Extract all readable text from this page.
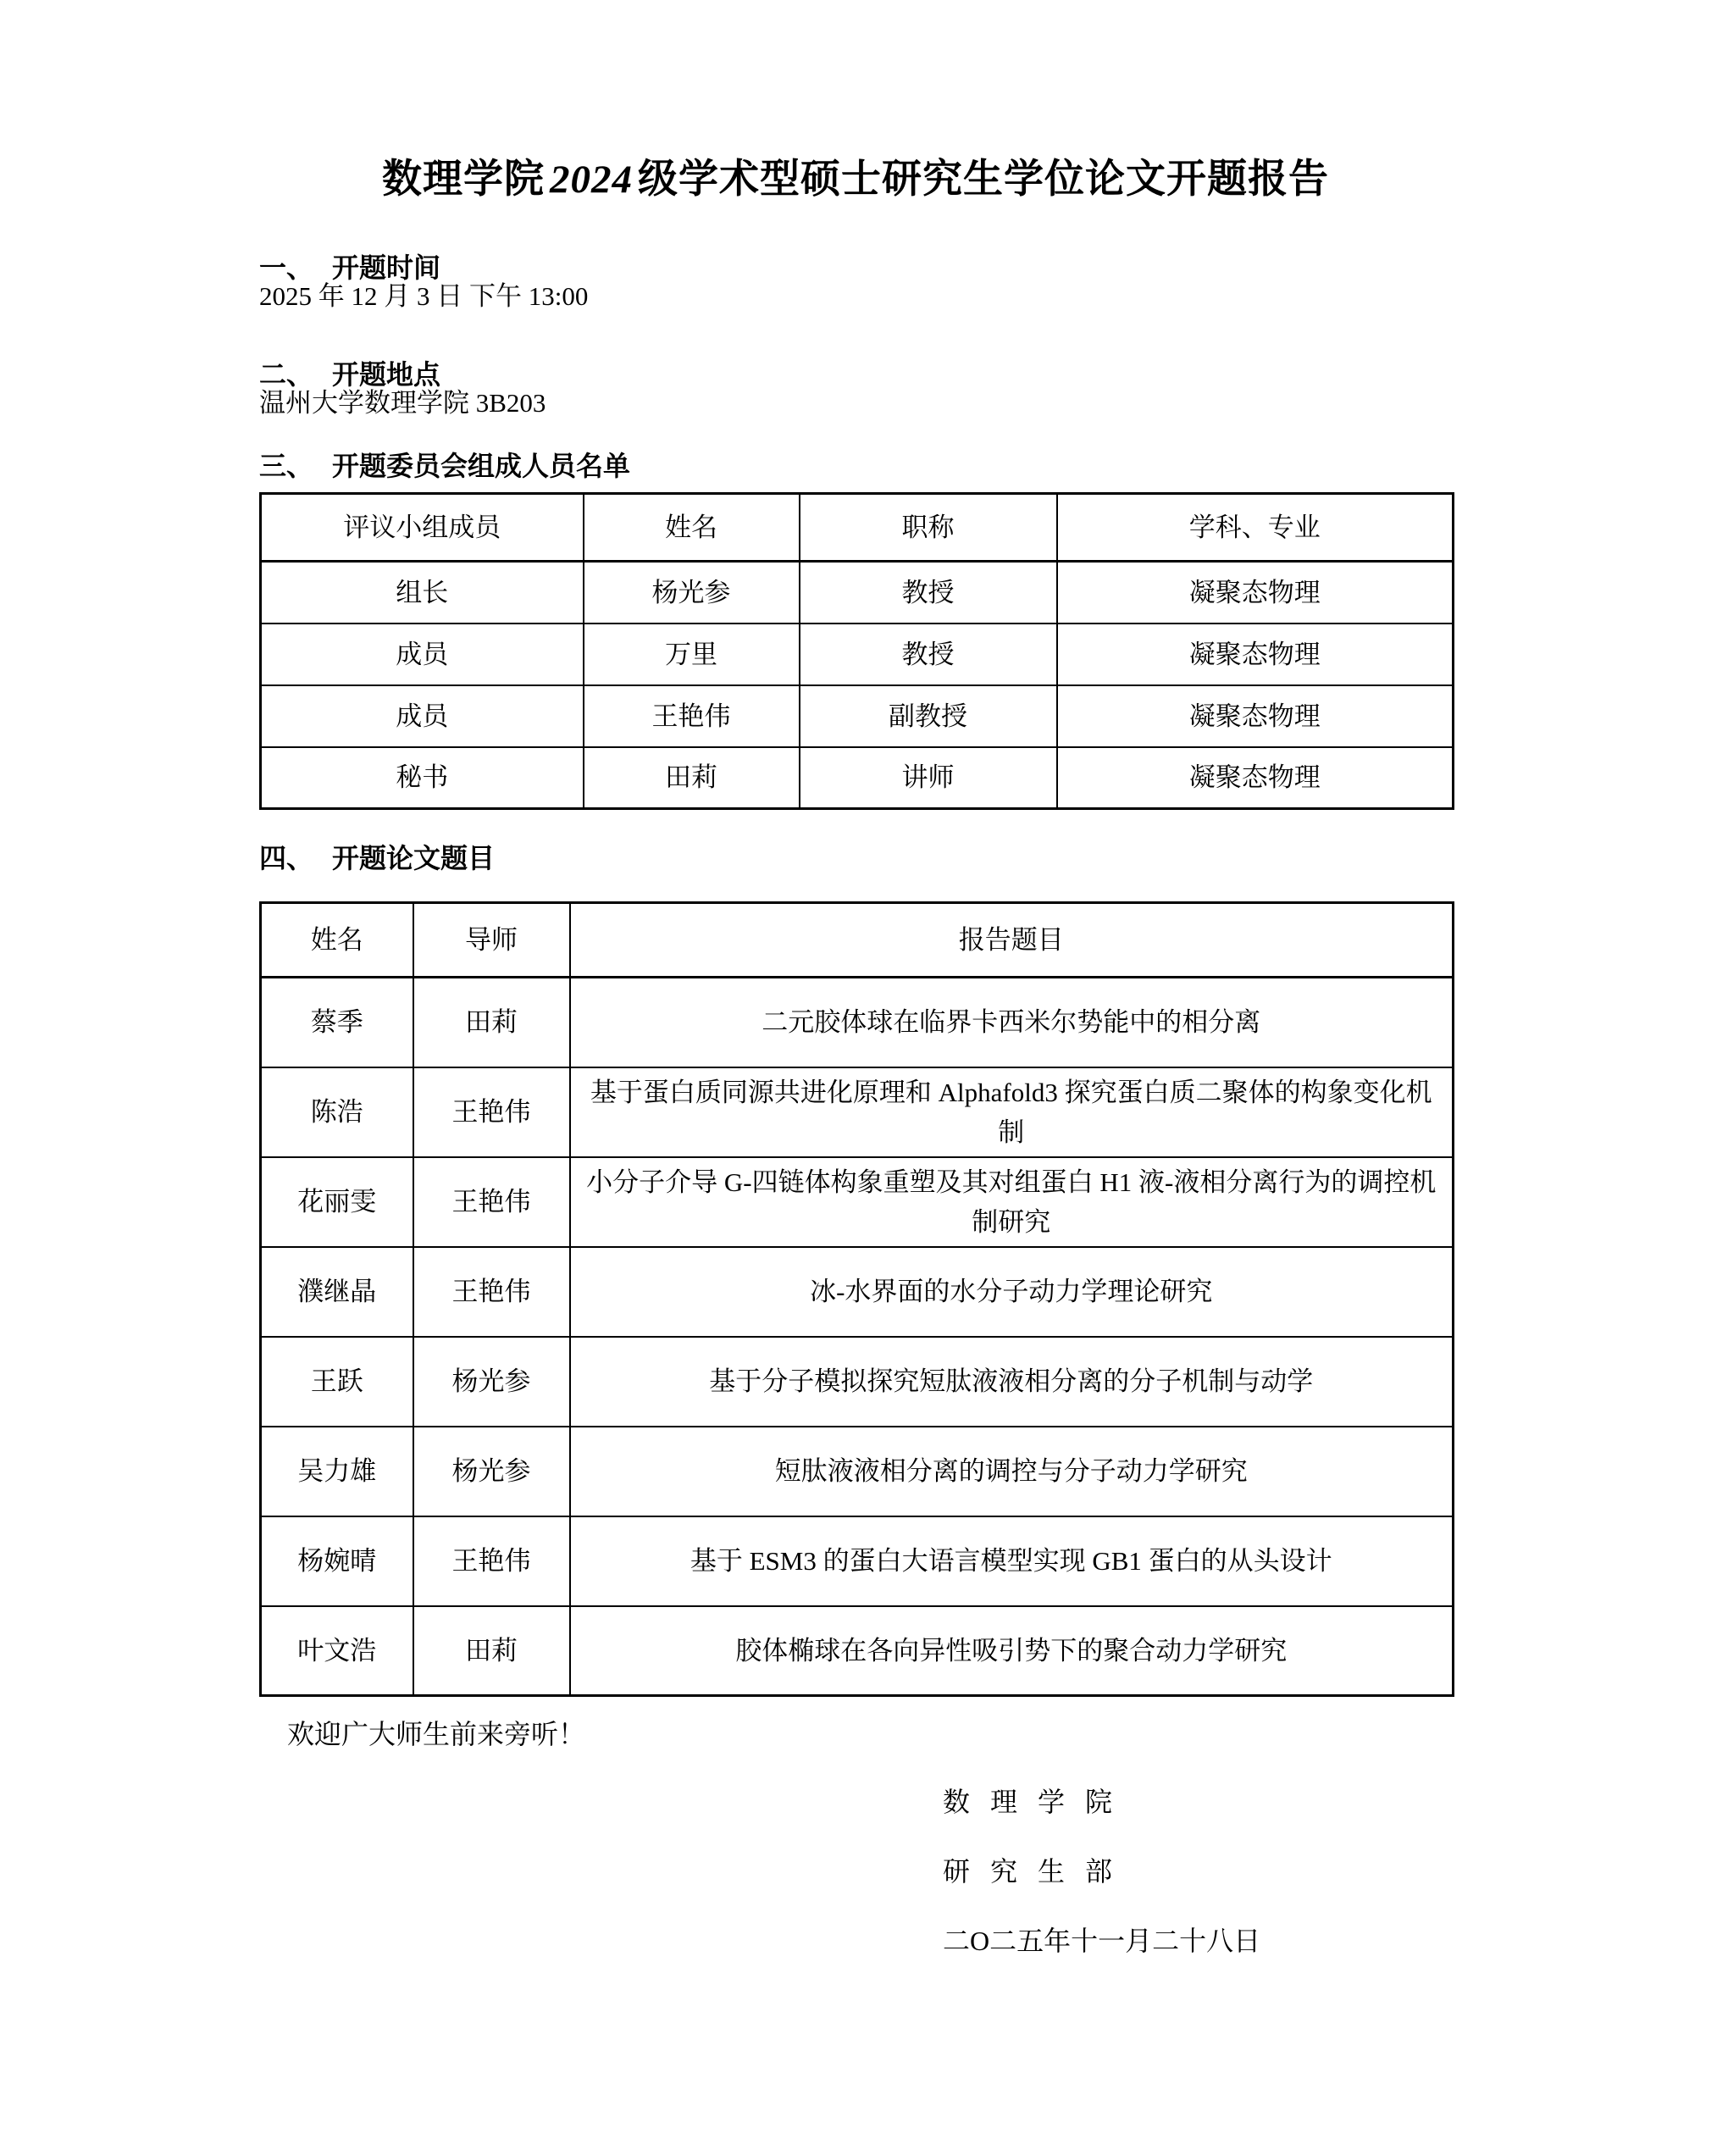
数理学院 2024 级学术型硕士研究生学位论文开题报告
一、 开题时间

2025 年 12 月 3 日 下午 13:00

二、 开题地点

温州大学数理学院 3B203

三、 开题委员会组成人员名单
评议小组成员	姓名	职称	学科、专业
组长	杨光参	教授	凝聚态物理
成员	万里	教授	凝聚态物理
成员	王艳伟	副教授	凝聚态物理
秘书	田莉	讲师	凝聚态物理
四、 开题论文题目
姓名	导师	报告题目
蔡季	田莉	二元胶体球在临界卡西米尔势能中的相分离
陈浩	王艳伟	基于蛋白质同源共进化原理和 Alphafold3 探究蛋白质二聚体的构象变化机制
花丽雯	王艳伟	小分子介导 G-四链体构象重塑及其对组蛋白 H1 液-液相分离行为的调控机制研究
濮继晶	王艳伟	冰-水界面的水分子动力学理论研究
王跃	杨光参	基于分子模拟探究短肽液液相分离的分子机制与动学
吴力雄	杨光参	短肽液液相分离的调控与分子动力学研究
杨婉晴	王艳伟	基于 ESM3 的蛋白大语言模型实现 GB1 蛋白的从头设计
叶文浩	田莉	胶体椭球在各向异性吸引势下的聚合动力学研究

欢迎广大师生前来旁听！

数 理 学 院

研 究 生 部

二O二五年十一月二十八日
